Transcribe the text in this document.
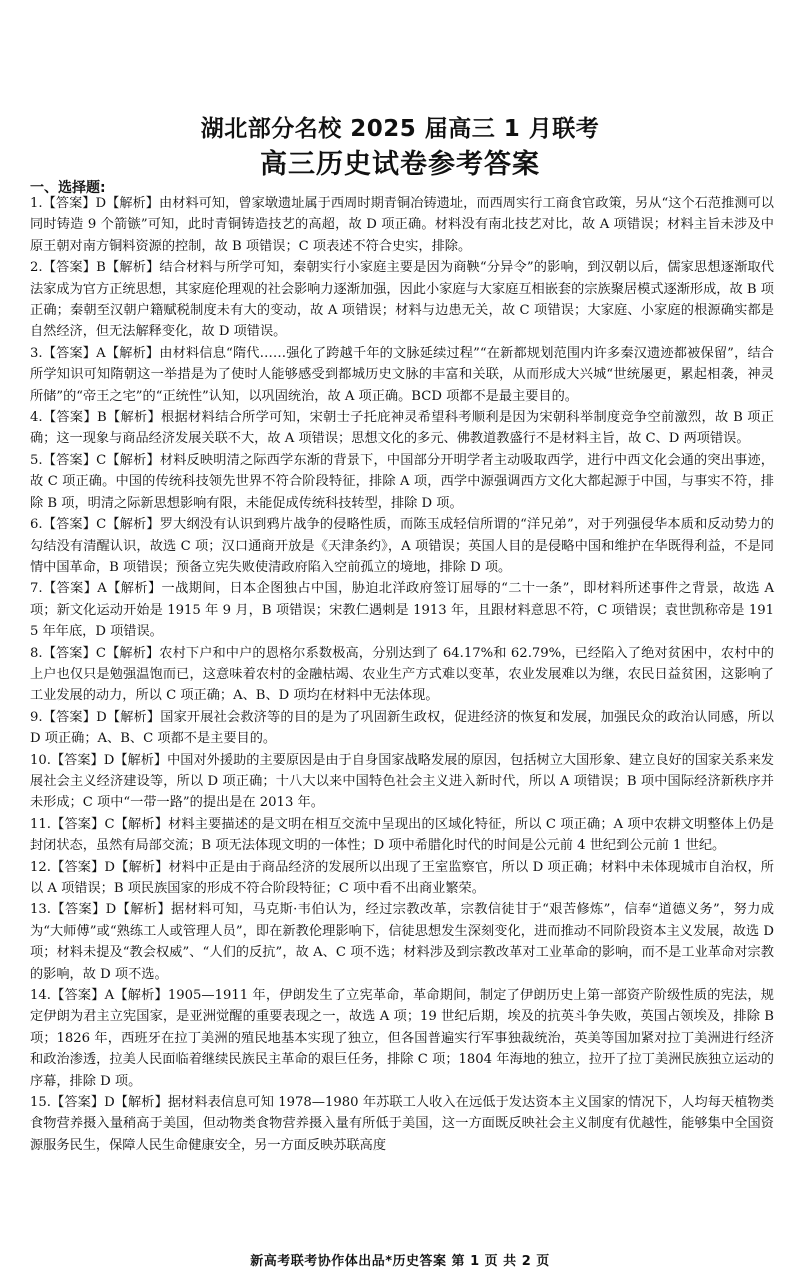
湖北部分名校 2025 届高三 1 月联考
高三历史试卷参考答案
一、选择题:

1.【答案】D【解析】由材料可知，曾家墩遗址属于西周时期青铜冶铸遗址，而西周实行工商食官政策，另从“这个石范推测可以同时铸造 9 个箭镞”可知，此时青铜铸造技艺的高超，故 D 项正确。材料没有南北技艺对比，故 A 项错误；材料主旨未涉及中原王朝对南方铜料资源的控制，故 B 项错误；C 项表述不符合史实，排除。

2.【答案】B【解析】结合材料与所学可知，秦朝实行小家庭主要是因为商鞅“分异令”的影响，到汉朝以后，儒家思想逐渐取代法家成为官方正统思想，其家庭伦理观的社会影响力逐渐加强，因此小家庭与大家庭互相嵌套的宗族聚居模式逐渐形成，故 B 项正确；秦朝至汉朝户籍赋税制度未有大的变动，故 A 项错误；材料与边患无关，故 C 项错误；大家庭、小家庭的根源确实都是自然经济，但无法解释变化，故 D 项错误。

3.【答案】A【解析】由材料信息“隋代……强化了跨越千年的文脉延续过程”“在新都规划范围内许多秦汉遗迹都被保留”，结合所学知识可知隋朝这一举措是为了使时人能够感受到都城历史文脉的丰富和关联，从而形成大兴城“世统屡更，累起相袭，神灵所储”的“帝王之宅”的“正统性”认知，以巩固统治，故 A 项正确。BCD 项都不是最主要目的。

4.【答案】B【解析】根据材料结合所学可知，宋朝士子托庇神灵希望科考顺利是因为宋朝科举制度竞争空前激烈，故 B 项正确；这一现象与商品经济发展关联不大，故 A 项错误；思想文化的多元、佛教道教盛行不是材料主旨，故 C、D 两项错误。

5.【答案】C【解析】材料反映明清之际西学东渐的背景下，中国部分开明学者主动吸取西学，进行中西文化会通的突出事迹，故 C 项正确。中国的传统科技领先世界不符合阶段特征，排除 A 项，西学中源强调西方文化大都起源于中国，与事实不符，排除 B 项，明清之际新思想影响有限，未能促成传统科技转型，排除 D 项。

6.【答案】C【解析】罗大纲没有认识到鸦片战争的侵略性质，而陈玉成轻信所谓的“洋兄弟”，对于列强侵华本质和反动势力的勾结没有清醒认识，故选 C 项；汉口通商开放是《天津条约》，A 项错误；英国人目的是侵略中国和维护在华既得利益，不是同情中国革命，B 项错误；预备立宪失败使清政府陷入空前孤立的境地，排除 D 项。

7.【答案】A【解析】一战期间，日本企图独占中国，胁迫北洋政府签订屈辱的“二十一条”，即材料所述事件之背景，故选 A 项；新文化运动开始是 1915 年 9 月，B 项错误；宋教仁遇刺是 1913 年，且跟材料意思不符，C 项错误；袁世凯称帝是 1915 年年底，D 项错误。

8.【答案】C【解析】农村下户和中户的恩格尔系数极高，分别达到了 64.17%和 62.79%，已经陷入了绝对贫困中，农村中的上户也仅只是勉强温饱而已，这意味着农村的金融枯竭、农业生产方式难以变革，农业发展难以为继，农民日益贫困，这影响了工业发展的动力，所以 C 项正确；A、B、D 项均在材料中无法体现。

9.【答案】D【解析】国家开展社会救济等的目的是为了巩固新生政权，促进经济的恢复和发展，加强民众的政治认同感，所以 D 项正确；A、B、C 项都不是主要目的。

10.【答案】D【解析】中国对外援助的主要原因是由于自身国家战略发展的原因，包括树立大国形象、建立良好的国家关系来发展社会主义经济建设等，所以 D 项正确；十八大以来中国特色社会主义进入新时代，所以 A 项错误；B 项中国际经济新秩序并未形成；C 项中“一带一路”的提出是在 2013 年。

11.【答案】C【解析】材料主要描述的是文明在相互交流中呈现出的区域化特征，所以 C 项正确；A 项中农耕文明整体上仍是封闭状态，虽然有局部交流；B 项无法体现文明的一体性；D 项中希腊化时代的时间是公元前 4 世纪到公元前 1 世纪。

12.【答案】D【解析】材料中正是由于商品经济的发展所以出现了王室监察官，所以 D 项正确；材料中未体现城市自治权，所以 A 项错误；B 项民族国家的形成不符合阶段特征；C 项中看不出商业繁荣。

13.【答案】D【解析】据材料可知，马克斯·韦伯认为，经过宗教改革，宗教信徒甘于“艰苦修炼”，信奉“道德义务”，努力成为“大师傅”或“熟练工人或管理人员”，即在新教伦理影响下，信徒思想发生深刻变化，进而推动不同阶段资本主义发展，故选 D 项；材料未提及“教会权威”、“人们的反抗”，故 A、C 项不选；材料涉及到宗教改革对工业革命的影响，而不是工业革命对宗教的影响，故 D 项不选。

14.【答案】A【解析】1905—1911 年，伊朗发生了立宪革命，革命期间，制定了伊朗历史上第一部资产阶级性质的宪法，规定伊朗为君主立宪国家，是亚洲觉醒的重要表现之一，故选 A 项；19 世纪后期，埃及的抗英斗争失败，英国占领埃及，排除 B 项；1826 年，西班牙在拉丁美洲的殖民地基本实现了独立，但各国普遍实行军事独裁统治，英美等国加紧对拉丁美洲进行经济和政治渗透，拉美人民面临着继续民族民主革命的艰巨任务，排除 C 项；1804 年海地的独立，拉开了拉丁美洲民族独立运动的序幕，排除 D 项。

15.【答案】D【解析】据材料表信息可知 1978—1980 年苏联工人收入在远低于发达资本主义国家的情况下，人均每天植物类食物营养摄入量稍高于美国，但动物类食物营养摄入量有所低于美国，这一方面既反映社会主义制度有优越性，能够集中全国资源服务民生，保障人民生命健康安全，另一方面反映苏联高度

新高考联考协作体出品*历史答案 第 1 页 共 2 页
